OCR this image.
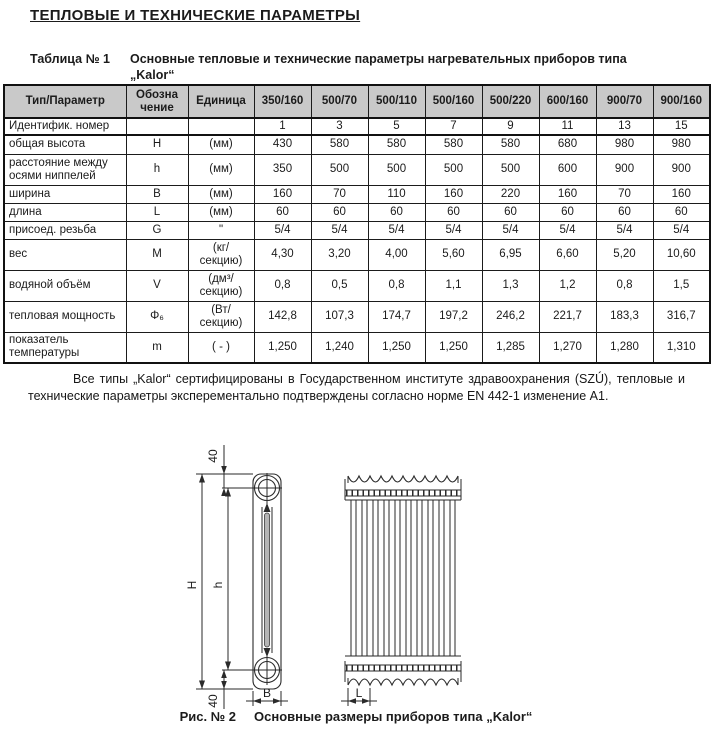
ТЕПЛОВЫЕ И ТЕХНИЧЕСКИЕ ПАРАМЕТРЫ
Таблица № 1	Основные тепловые и технические параметры нагревательных приборов типа
„Kalor“
Тип/Параметр	Обозна чение	Единица	350/160	500/70	500/110	500/160	500/220	600/160	900/70	900/160
Идентифик. номер			1	3	5	7	9	11	13	15
общая высота	H	(мм)	430	580	580	580	580	680	980	980
расстояние между осями ниппелей	h	(мм)	350	500	500	500	500	600	900	900
ширина	B	(мм)	160	70	110	160	220	160	70	160
длина	L	(мм)	60	60	60	60	60	60	60	60
присоед. резьба	G	"	5/4	5/4	5/4	5/4	5/4	5/4	5/4	5/4
вес	M	(кг/ секцию)	4,30	3,20	4,00	5,60	6,95	6,60	5,20	10,60
водяной объём	V	(дм³/ секцию)	0,8	0,5	0,8	1,1	1,3	1,2	0,8	1,5
тепловая мощность	Φ₆	(Вт/ секцию)	142,8	107,3	174,7	197,2	246,2	221,7	183,3	316,7
показатель температуры	m	( - )	1,250	1,240	1,250	1,250	1,285	1,270	1,280	1,310
Все типы „Kalor“ сертифицированы в Государственном институте здравоохранения (SZÚ), тепловые и технические параметры эксперементально подтверждены согласно норме EN 442-1 изменение А1.
H h
40
40
B	L
Рис. № 2 Основные размеры приборов типа „Kalor“
